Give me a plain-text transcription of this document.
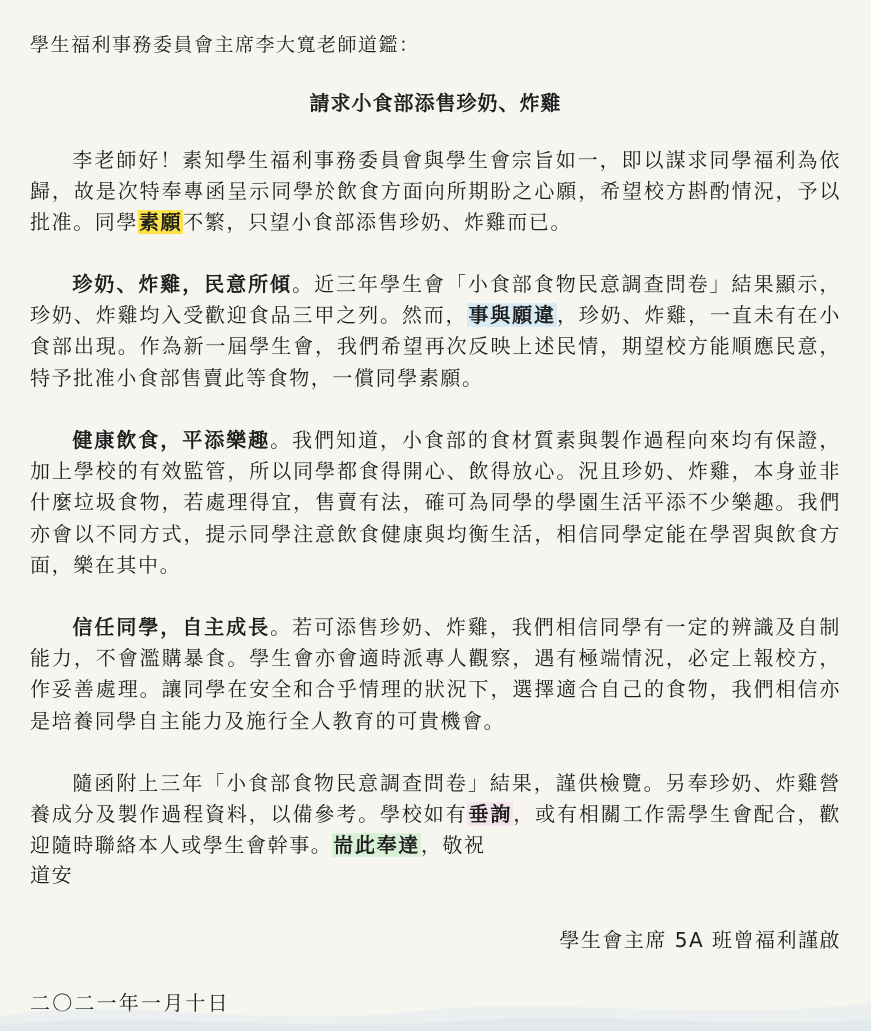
學生福利事務委員會主席李大寬老師道鑑：
請求小食部添售珍奶、炸雞
李老師好！素知學生福利事務委員會與學生會宗旨如一，即以謀求同學福利為依歸，故是次特奉專函呈示同學於飲食方面向所期盼之心願，希望校方斟酌情況，予以批准。同學素願不繁，只望小食部添售珍奶、炸雞而已。
珍奶、炸雞，民意所傾。近三年學生會「小食部食物民意調查問卷」結果顯示，珍奶、炸雞均入受歡迎食品三甲之列。然而，事與願違，珍奶、炸雞，一直未有在小食部出現。作為新一屆學生會，我們希望再次反映上述民情，期望校方能順應民意，特予批准小食部售賣此等食物，一償同學素願。
健康飲食，平添樂趣。我們知道，小食部的食材質素與製作過程向來均有保證，加上學校的有效監管，所以同學都食得開心、飲得放心。況且珍奶、炸雞，本身並非什麼垃圾食物，若處理得宜，售賣有法，確可為同學的學園生活平添不少樂趣。我們亦會以不同方式，提示同學注意飲食健康與均衡生活，相信同學定能在學習與飲食方面，樂在其中。
信任同學，自主成長。若可添售珍奶、炸雞，我們相信同學有一定的辨識及自制能力，不會濫購暴食。學生會亦會適時派專人觀察，遇有極端情況，必定上報校方，作妥善處理。讓同學在安全和合乎情理的狀況下，選擇適合自己的食物，我們相信亦是培養同學自主能力及施行全人教育的可貴機會。
隨函附上三年「小食部食物民意調查問卷」結果，謹供檢覽。另奉珍奶、炸雞營養成分及製作過程資料，以備參考。學校如有垂詢，或有相關工作需學生會配合，歡迎隨時聯絡本人或學生會幹事。耑此奉達，敬祝
道安
學生會主席 5A 班曾福利謹啟
二〇二一年一月十日
